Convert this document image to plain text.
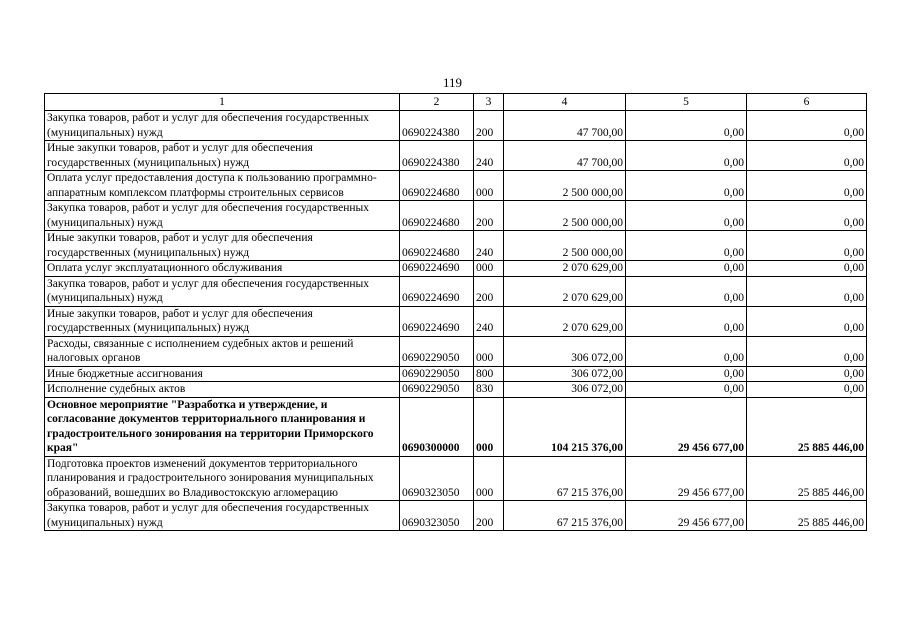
119
1	2	3	4	5	6
Закупка товаров, работ и услуг для обеспечения государственных (муниципальных) нужд	0690224380	200	47 700,00	0,00	0,00
Иные закупки товаров, работ и услуг для обеспечения государственных (муниципальных) нужд	0690224380	240	47 700,00	0,00	0,00
Оплата услуг предоставления доступа к пользованию программно-аппаратным комплексом платформы строительных сервисов	0690224680	000	2 500 000,00	0,00	0,00
Закупка товаров, работ и услуг для обеспечения государственных (муниципальных) нужд	0690224680	200	2 500 000,00	0,00	0,00
Иные закупки товаров, работ и услуг для обеспечения государственных (муниципальных) нужд	0690224680	240	2 500 000,00	0,00	0,00
Оплата услуг эксплуатационного обслуживания	0690224690	000	2 070 629,00	0,00	0,00
Закупка товаров, работ и услуг для обеспечения государственных (муниципальных) нужд	0690224690	200	2 070 629,00	0,00	0,00
Иные закупки товаров, работ и услуг для обеспечения государственных (муниципальных) нужд	0690224690	240	2 070 629,00	0,00	0,00
Расходы, связанные с исполнением судебных актов и решений налоговых органов	0690229050	000	306 072,00	0,00	0,00
Иные бюджетные ассигнования	0690229050	800	306 072,00	0,00	0,00
Исполнение судебных актов	0690229050	830	306 072,00	0,00	0,00
Основное мероприятие "Разработка и утверждение, и согласование документов территориального планирования и градостроительного зонирования на территории Приморского края"	0690300000	000	104 215 376,00	29 456 677,00	25 885 446,00
Подготовка проектов изменений документов территориального планирования и градостроительного зонирования муниципальных образований, вошедших во Владивостокскую агломерацию	0690323050	000	67 215 376,00	29 456 677,00	25 885 446,00
Закупка товаров, работ и услуг для обеспечения государственных (муниципальных) нужд	0690323050	200	67 215 376,00	29 456 677,00	25 885 446,00
